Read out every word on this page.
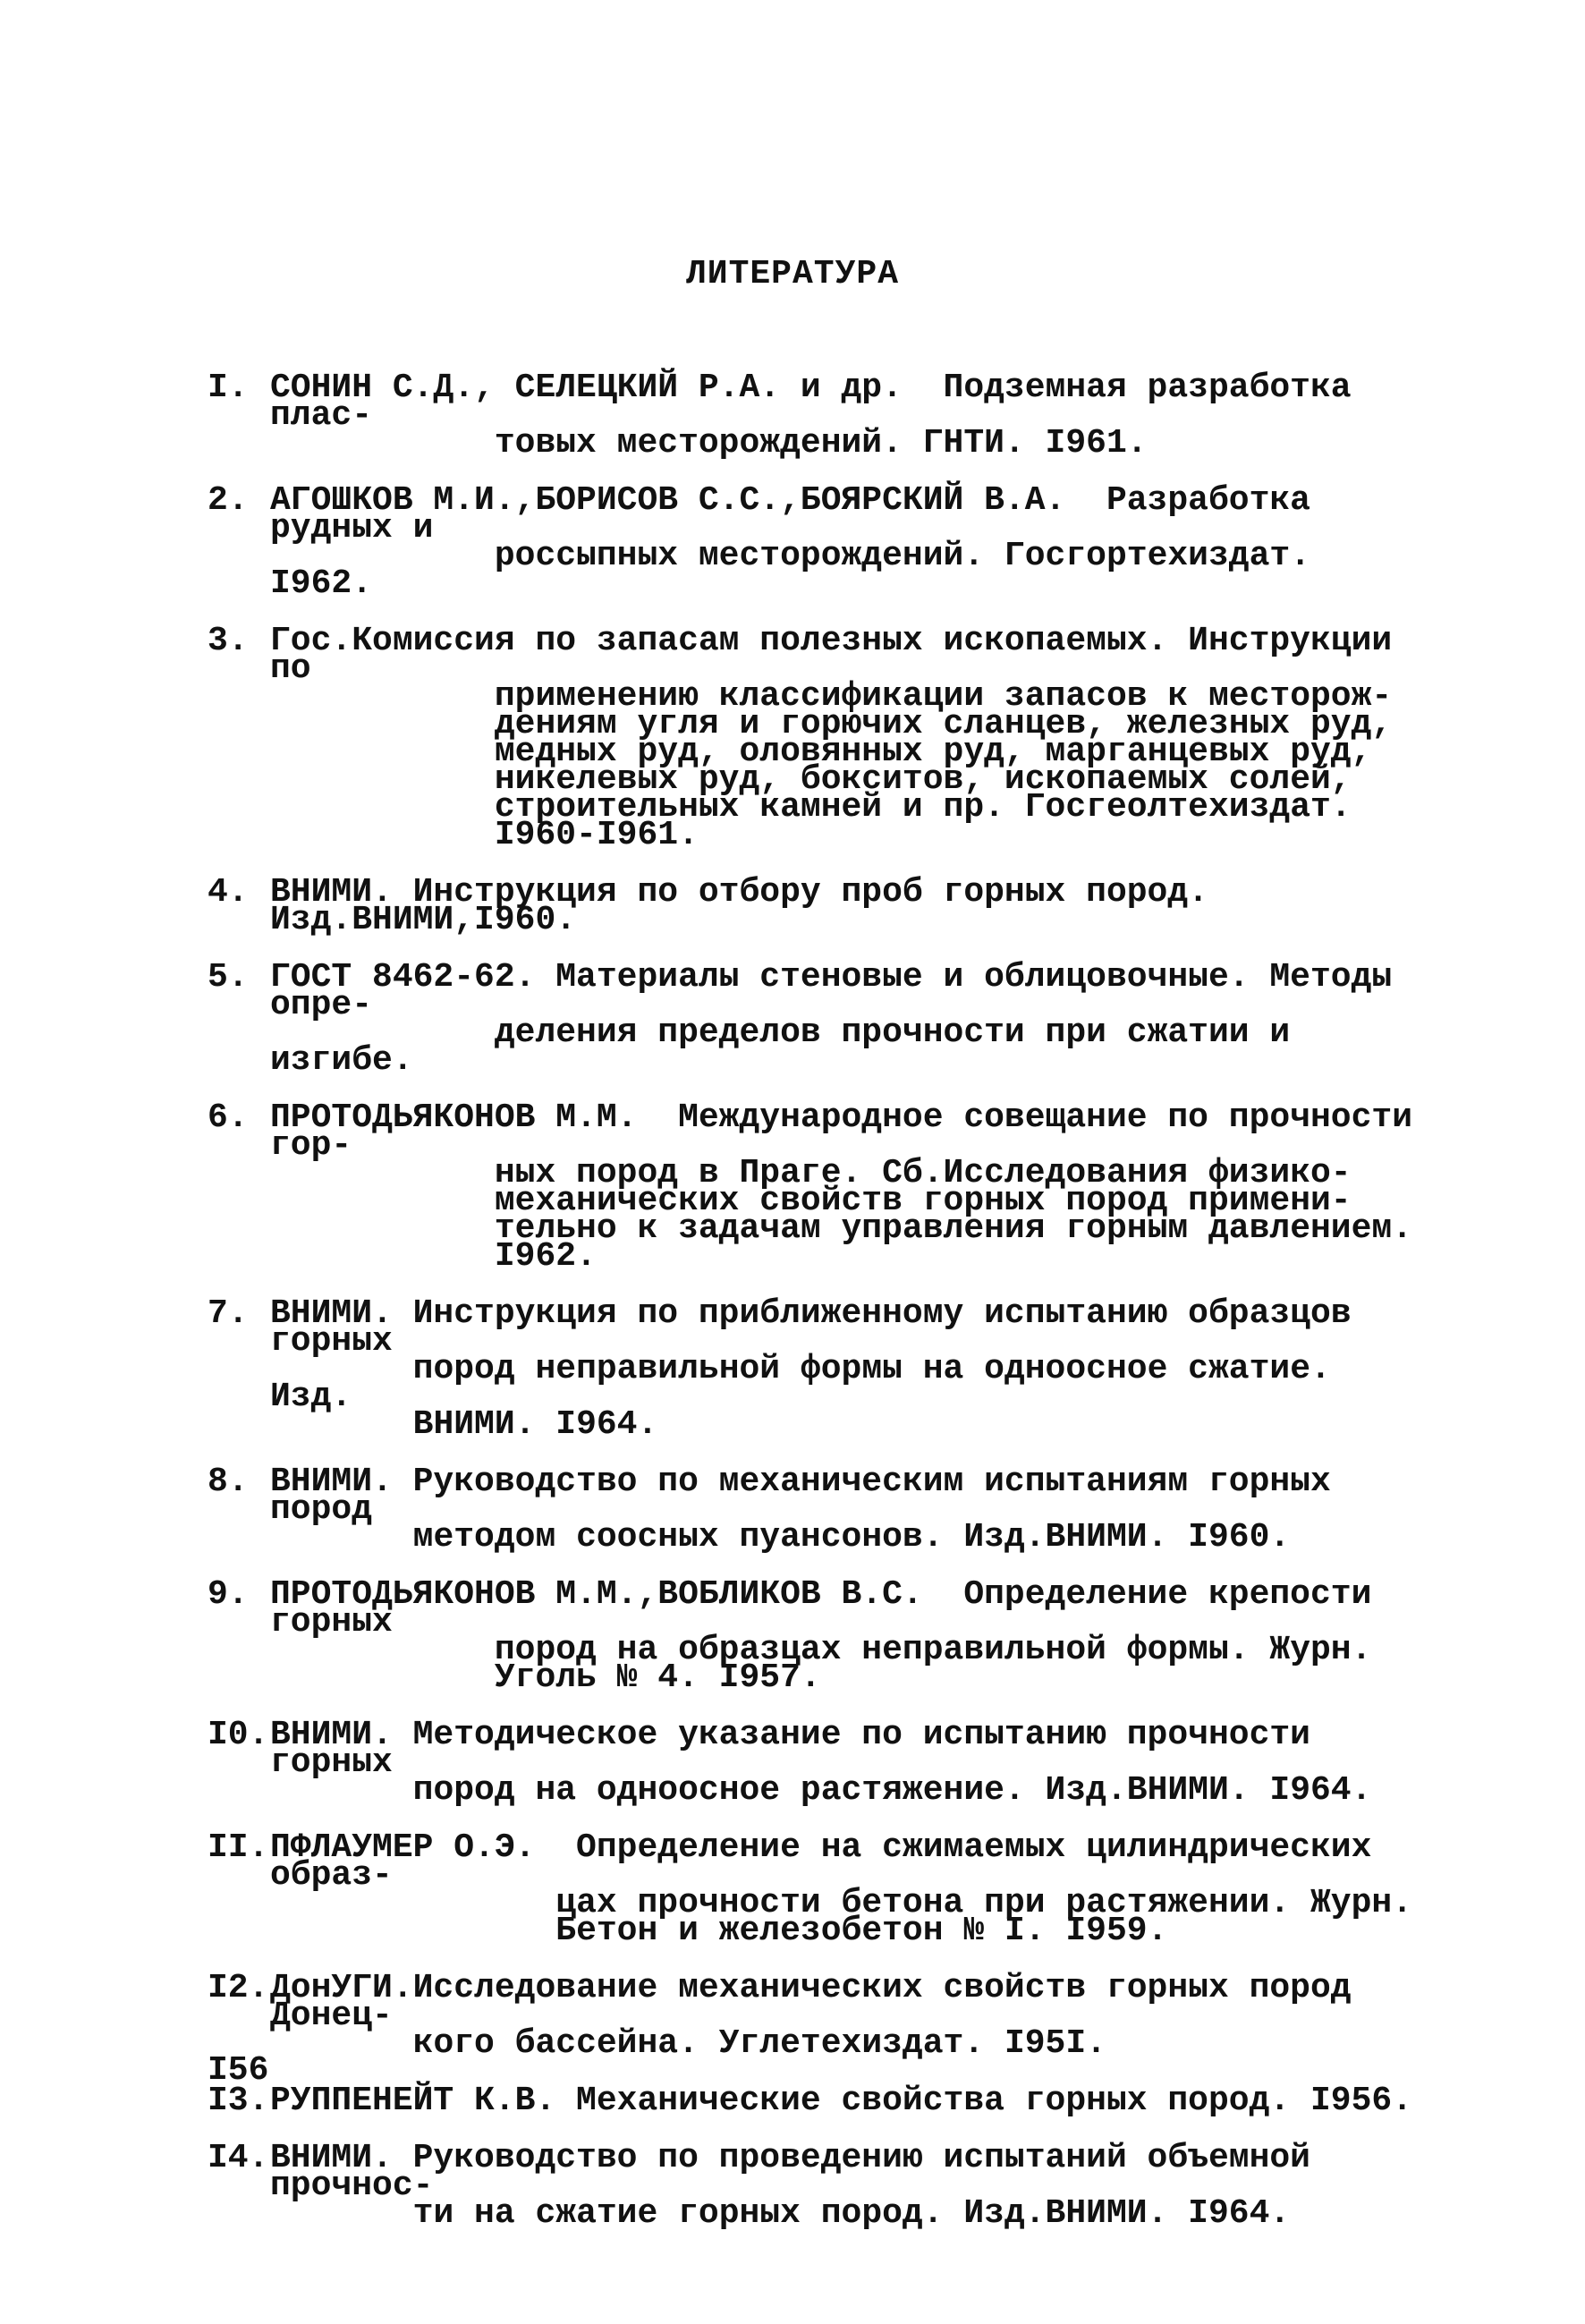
ЛИТЕРАТУРА
I. СОНИН С.Д., СЕЛЕЦКИЙ Р.А. и др.  Подземная разработка плас-
товых месторождений. ГНТИ. I961.
2. АГОШКОВ М.И.,БОРИСОВ С.С.,БОЯРСКИЙ В.А.  Разработка рудных и
россыпных месторождений. Госгортехиздат. I962.
3. Гос.Комиссия по запасам полезных ископаемых. Инструкции по
применению классификации запасов к месторож-
дениям угля и горючих сланцев, железных руд,
медных руд, оловянных руд, марганцевых руд,
никелевых руд, бокситов, ископаемых солей,
строительных камней и пр. Госгеолтехиздат.
I960-I961.
4. ВНИМИ. Инструкция по отбору проб горных пород. Изд.ВНИМИ,I960.
5. ГОСТ 8462-62. Материалы стеновые и облицовочные. Методы опре-
деления пределов прочности при сжатии и изгибе.
6. ПРОТОДЬЯКОНОВ М.М.  Международное совещание по прочности гор-
ных пород в Праге. Сб.Исследования физико-
механических свойств горных пород примени-
тельно к задачам управления горным давлением.
I962.
7. ВНИМИ. Инструкция по приближенному испытанию образцов горных
пород неправильной формы на одноосное сжатие. Изд.
ВНИМИ. I964.
8. ВНИМИ. Руководство по механическим испытаниям горных пород
методом соосных пуансонов. Изд.ВНИМИ. I960.
9. ПРОТОДЬЯКОНОВ М.М.,ВОБЛИКОВ В.С.  Определение крепости горных
пород на образцах неправильной формы. Журн.
Уголь № 4. I957.
I0. ВНИМИ. Методическое указание по испытанию прочности горных
пород на одноосное растяжение. Изд.ВНИМИ. I964.
II. ПФЛАУМЕР О.Э.  Определение на сжимаемых цилиндрических образ-
цах прочности бетона при растяжении. Журн.
Бетон и железобетон № I. I959.
I2. ДонУГИ.Исследование механических свойств горных пород Донец-
кого бассейна. Углетехиздат. I95I.
I3. РУППЕНЕЙТ К.В. Механические свойства горных пород. I956.
I4. ВНИМИ. Руководство по проведению испытаний объемной прочнос-
ти на сжатие горных пород. Изд.ВНИМИ. I964.
I56
